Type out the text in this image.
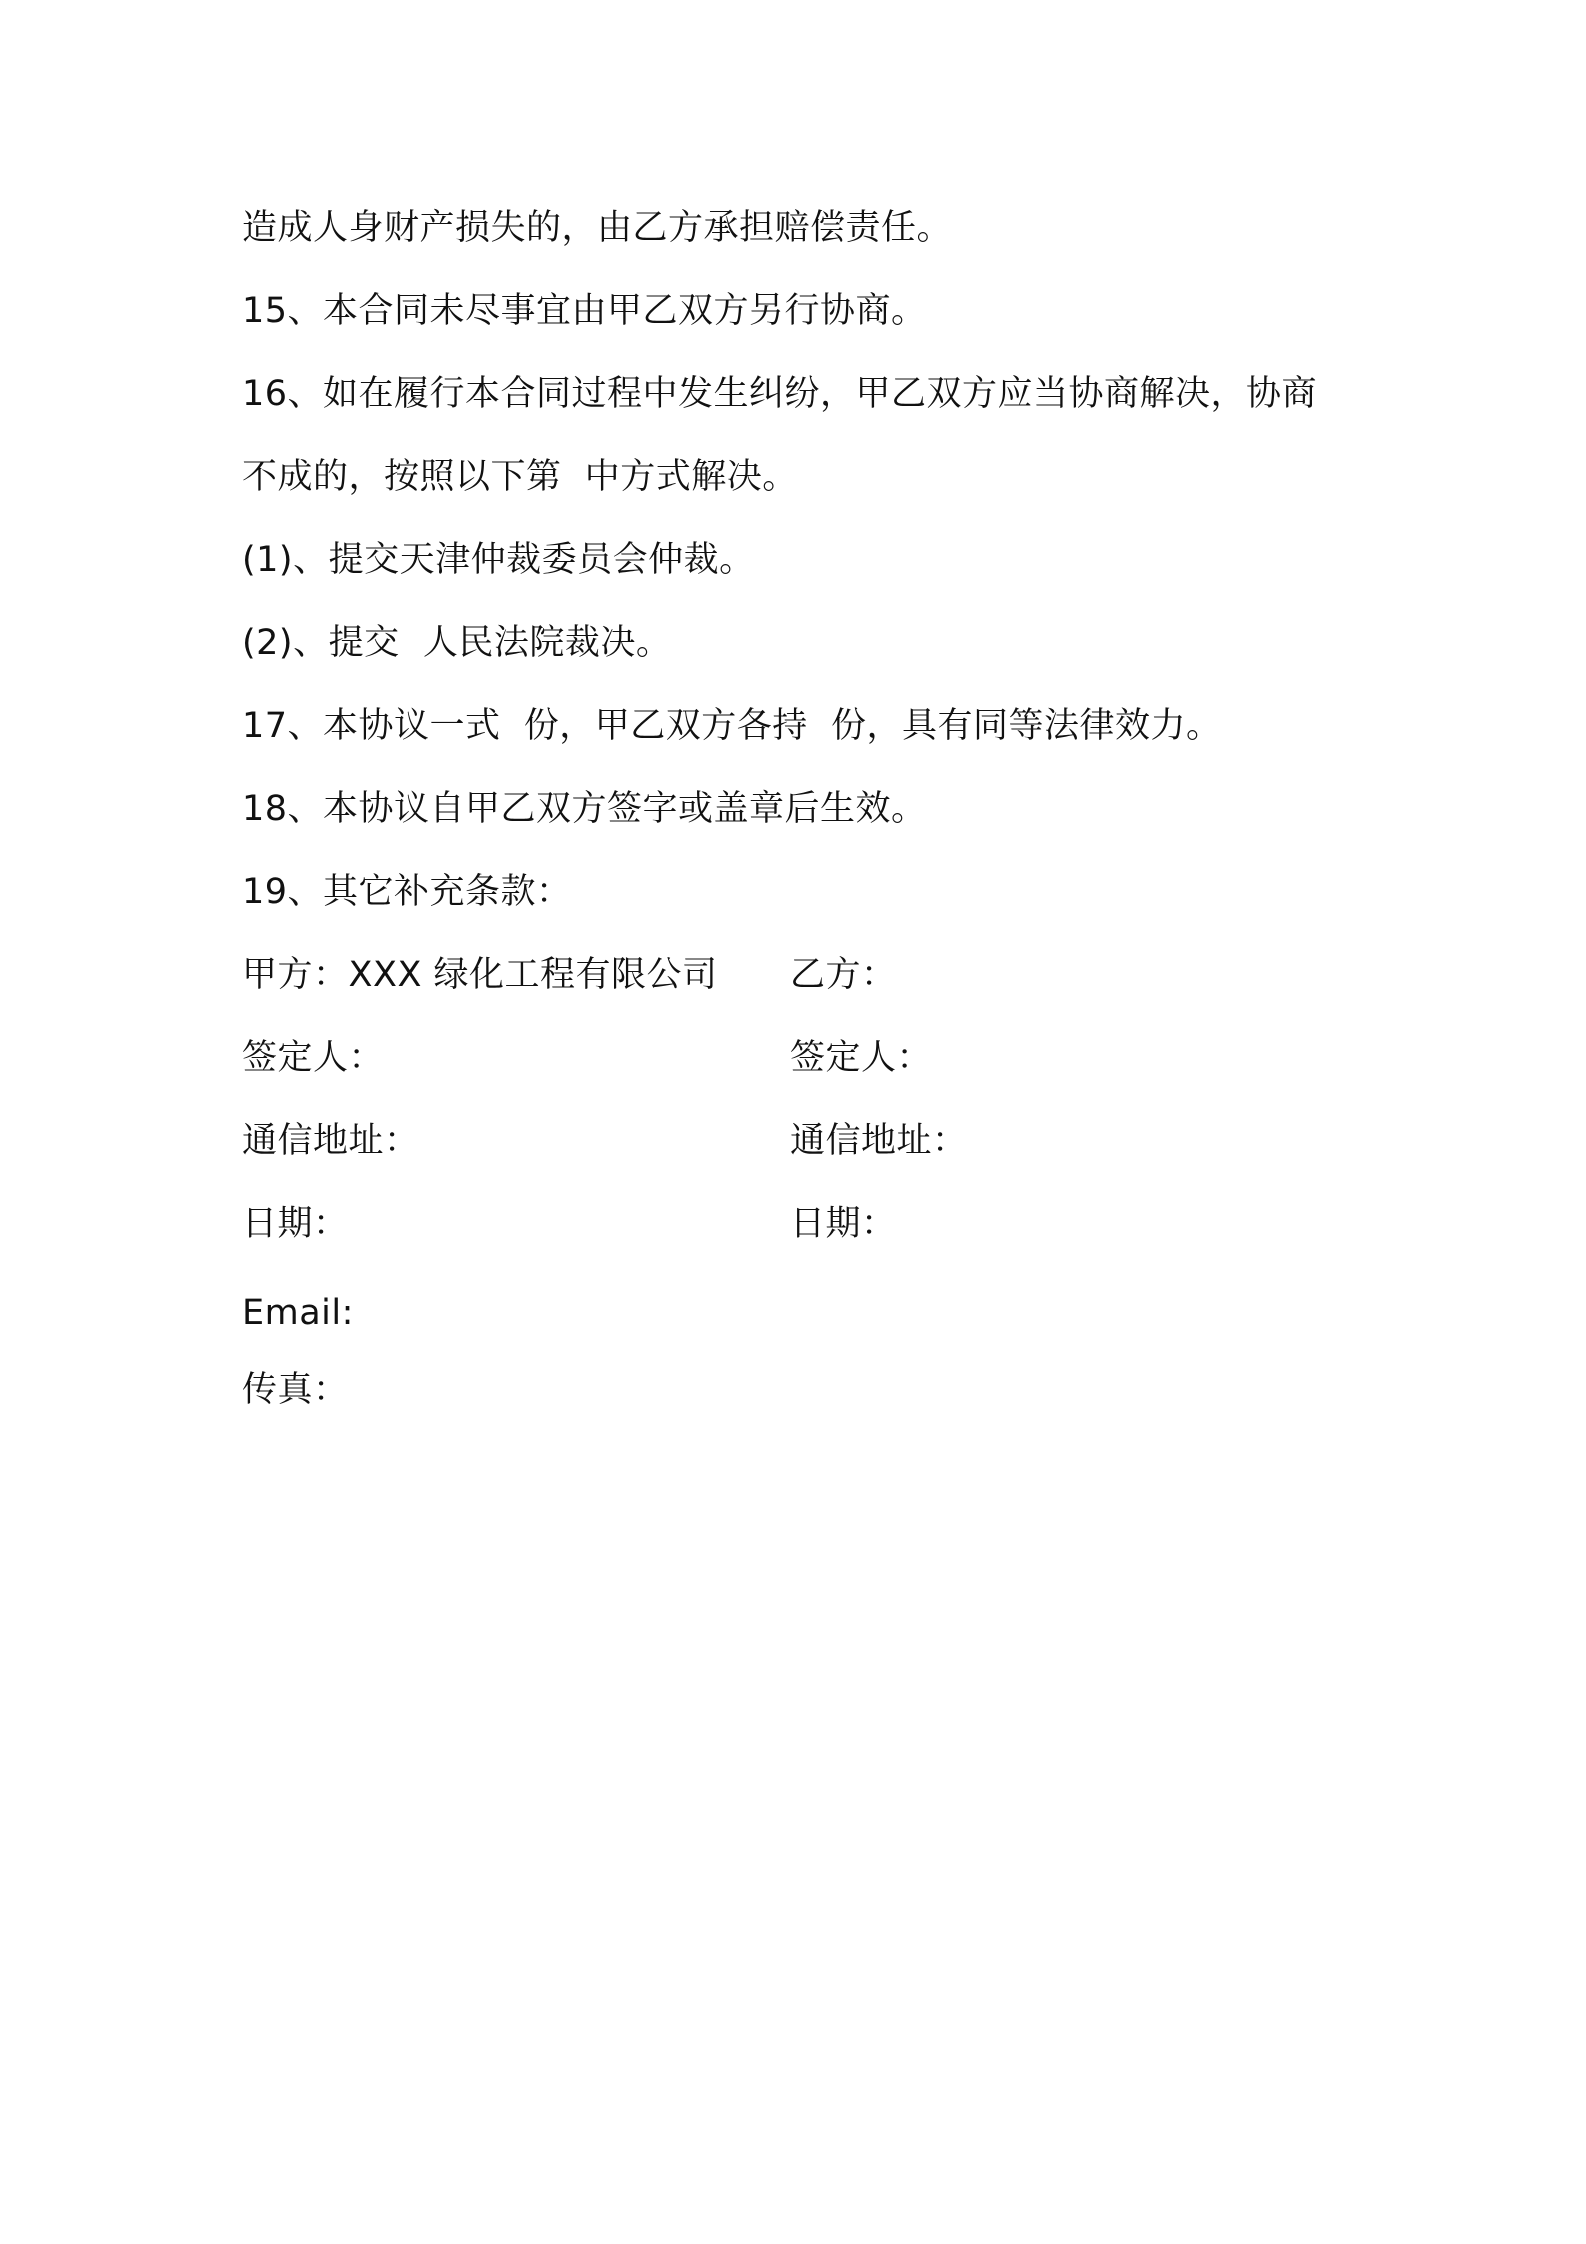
造成人身财产损失的，由乙方承担赔偿责任。
15、本合同未尽事宜由甲乙双方另行协商。
16、如在履行本合同过程中发生纠纷，甲乙双方应当协商解决，协商
不成的，按照以下第  中方式解决。
(1)、提交天津仲裁委员会仲裁。
(2)、提交  人民法院裁决。
17、本协议一式  份，甲乙双方各持  份，具有同等法律效力。
18、本协议自甲乙双方签字或盖章后生效。
19、其它补充条款：
甲方：XXX 绿化工程有限公司 乙方：
签定人：	签定人：
通信地址：	通信地址：
日期：	日期：
Email:
传真：
